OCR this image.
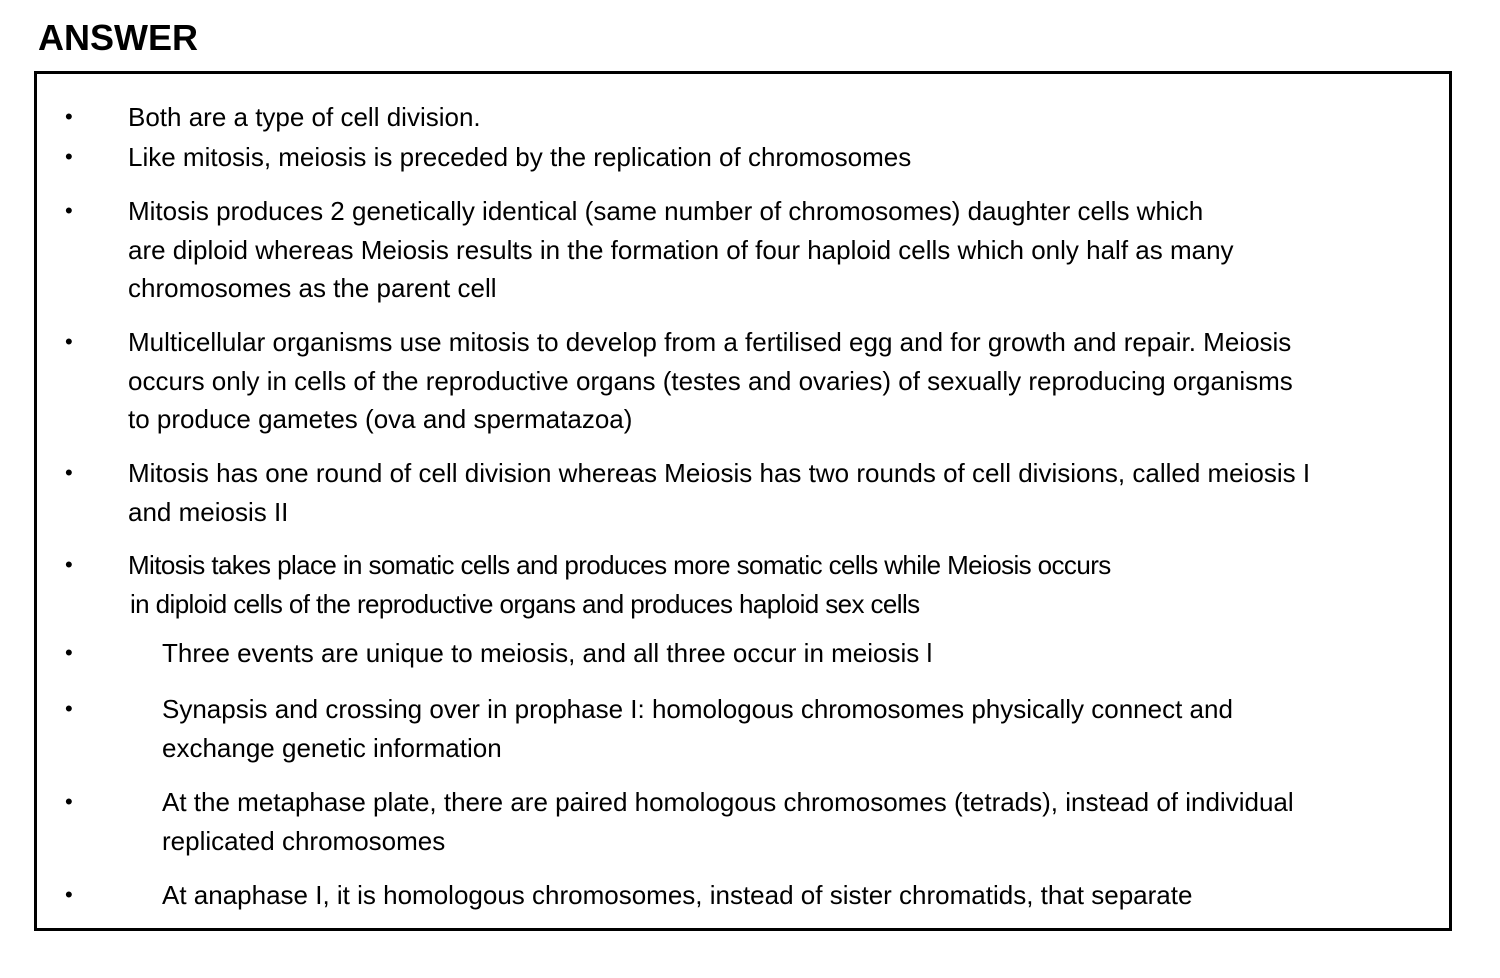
ANSWER
• Both are a type of cell division.
• Like mitosis, meiosis is preceded by the replication of chromosomes
• Mitosis produces 2 genetically identical (same number of chromosomes) daughter cells which
are diploid whereas Meiosis results in the formation of four haploid cells which only half as many
chromosomes as the parent cell
• Multicellular organisms use mitosis to develop from a fertilised egg and for growth and repair. Meiosis
occurs only in cells of the reproductive organs (testes and ovaries) of sexually reproducing organisms
to produce gametes (ova and spermatazoa)
• Mitosis has one round of cell division whereas Meiosis has two rounds of cell divisions, called meiosis I
and meiosis II
• Mitosis takes place in somatic cells and produces more somatic cells while Meiosis occurs
in diploid cells of the reproductive organs and produces haploid sex cells
•	Three events are unique to meiosis, and all three occur in meiosis l
•	Synapsis and crossing over in prophase I: homologous chromosomes physically connect and
exchange genetic information
•	At the metaphase plate, there are paired homologous chromosomes (tetrads), instead of individual
replicated chromosomes
•	At anaphase I, it is homologous chromosomes, instead of sister chromatids, that separate
